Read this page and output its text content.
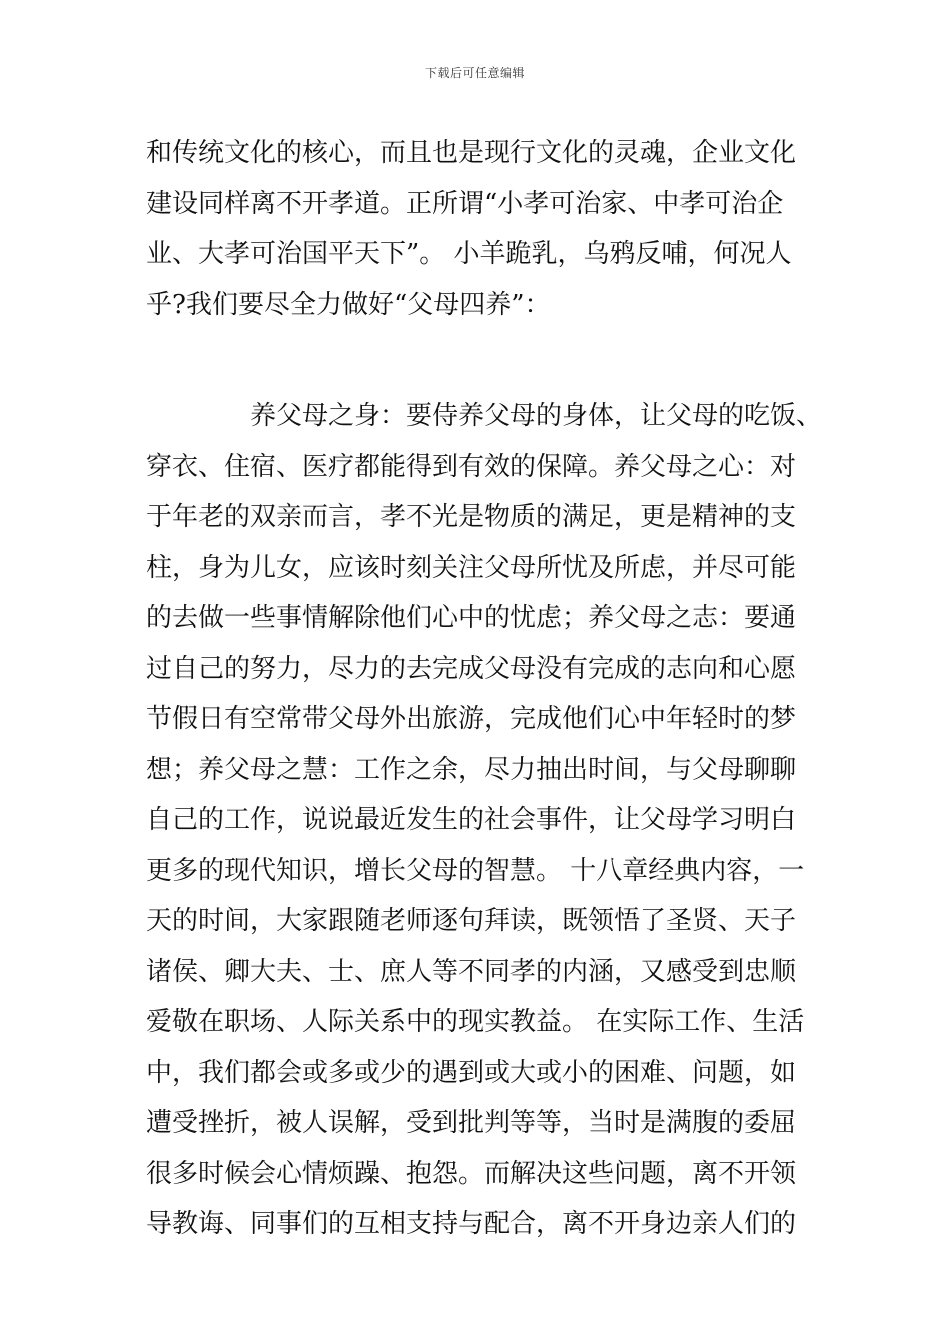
下载后可任意编辑
和传统文化的核心，而且也是现行文化的灵魂，企业文化
建设同样离不开孝道。正所谓“小孝可治家、中孝可治企
业、大孝可治国平天下”。 小羊跪乳，乌鸦反哺，何况人
乎?我们要尽全力做好“父母四养”：
养父母之身：要侍养父母的身体，让父母的吃饭、
穿衣、住宿、医疗都能得到有效的保障。养父母之心：对
于年老的双亲而言，孝不光是物质的满足，更是精神的支
柱，身为儿女，应该时刻关注父母所忧及所虑，并尽可能
的去做一些事情解除他们心中的忧虑；养父母之志：要通
过自己的努力，尽力的去完成父母没有完成的志向和心愿
节假日有空常带父母外出旅游，完成他们心中年轻时的梦
想；养父母之慧：工作之余，尽力抽出时间，与父母聊聊
自己的工作，说说最近发生的社会事件，让父母学习明白
更多的现代知识，增长父母的智慧。 十八章经典内容，一
天的时间，大家跟随老师逐句拜读，既领悟了圣贤、天子
诸侯、卿大夫、士、庶人等不同孝的内涵，又感受到忠顺
爱敬在职场、人际关系中的现实教益。 在实际工作、生活
中，我们都会或多或少的遇到或大或小的困难、问题，如
遭受挫折，被人误解，受到批判等等，当时是满腹的委屈
很多时候会心情烦躁、抱怨。而解决这些问题，离不开领
导教诲、同事们的互相支持与配合，离不开身边亲人们的
